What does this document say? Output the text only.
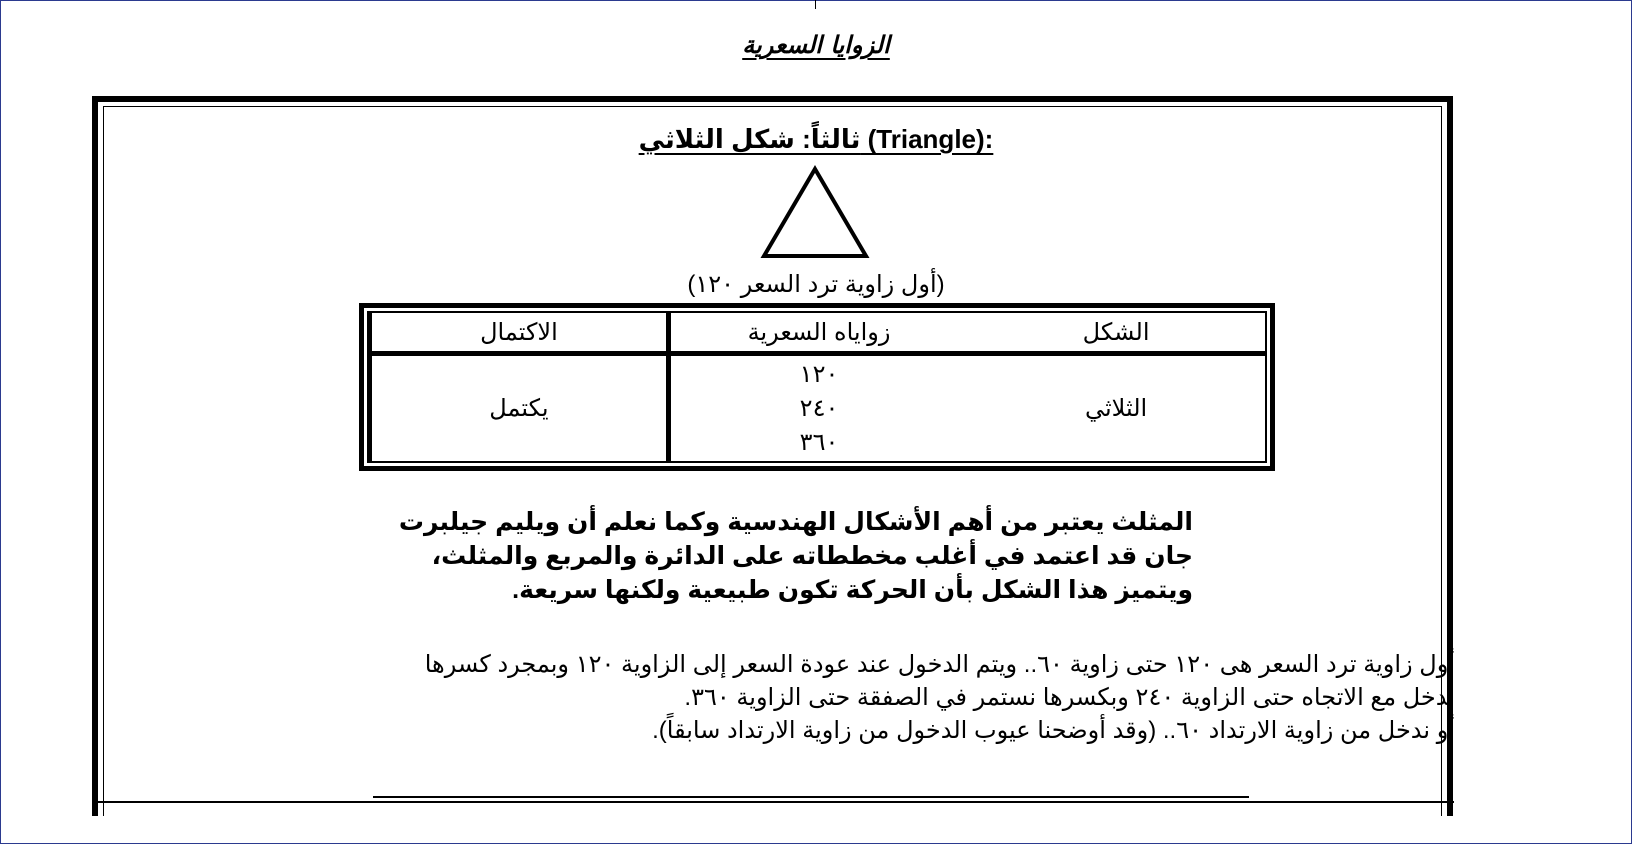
الزوايا السعرية
ثالثاً: شكل الثلاثي (Triangle):
(أول زاوية ترد السعر ١٢٠)
الشكل	زواياه السعرية	الاكتمال
الثلاثي	١٢٠
٢٤٠
٣٦٠	يكتمل
المثلث يعتبر من أهم الأشكال الهندسية وكما نعلم أن ويليم جيلبرت
جان قد اعتمد في أغلب مخططاته على الدائرة والمربع والمثلث،
ويتميز هذا الشكل بأن الحركة تكون طبيعية ولكنها سريعة.
أول زاوية ترد السعر هى ١٢٠ حتى زاوية ٦٠.. ويتم الدخول عند عودة السعر إلى الزاوية ١٢٠ وبمجرد كسرها
ندخل مع الاتجاه حتى الزاوية ٢٤٠ وبكسرها نستمر في الصفقة حتى الزاوية ٣٦٠.
أو ندخل من زاوية الارتداد ٦٠.. (وقد أوضحنا عيوب الدخول من زاوية الارتداد سابقاً).
